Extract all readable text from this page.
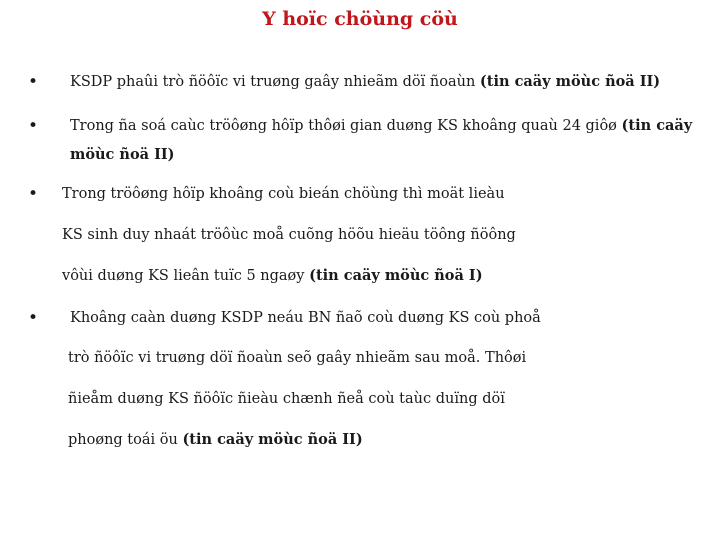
Y hoïc chöùng cöù
• KSDP phaûi trò ñöôïc vi truøng gaây nhieãm döï ñoaùn (tin caäy möùc ñoä II)
• Trong ña soá caùc tröôøng hôïp thôøi gian duøng KS khoâng quaù 24 giôø (tin caäy
möùc ñoä II)
• Trong tröôøng hôïp khoâng coù bieán chöùng thì moät lieàu
KS sinh duy nhaát tröôùc moå cuõng höõu hieäu töông ñöông
vôùi duøng KS lieân tuïc 5 ngaøy (tin caäy möùc ñoä I)
• Khoâng caàn duøng KSDP neáu BN ñaõ coù duøng KS coù phoå
trò ñöôïc vi truøng döï ñoaùn seõ gaây nhieãm sau moå. Thôøi
ñieåm duøng KS ñöôïc ñieàu chænh ñeå coù taùc duïng döï
phoøng toái öu (tin caäy möùc ñoä II)
